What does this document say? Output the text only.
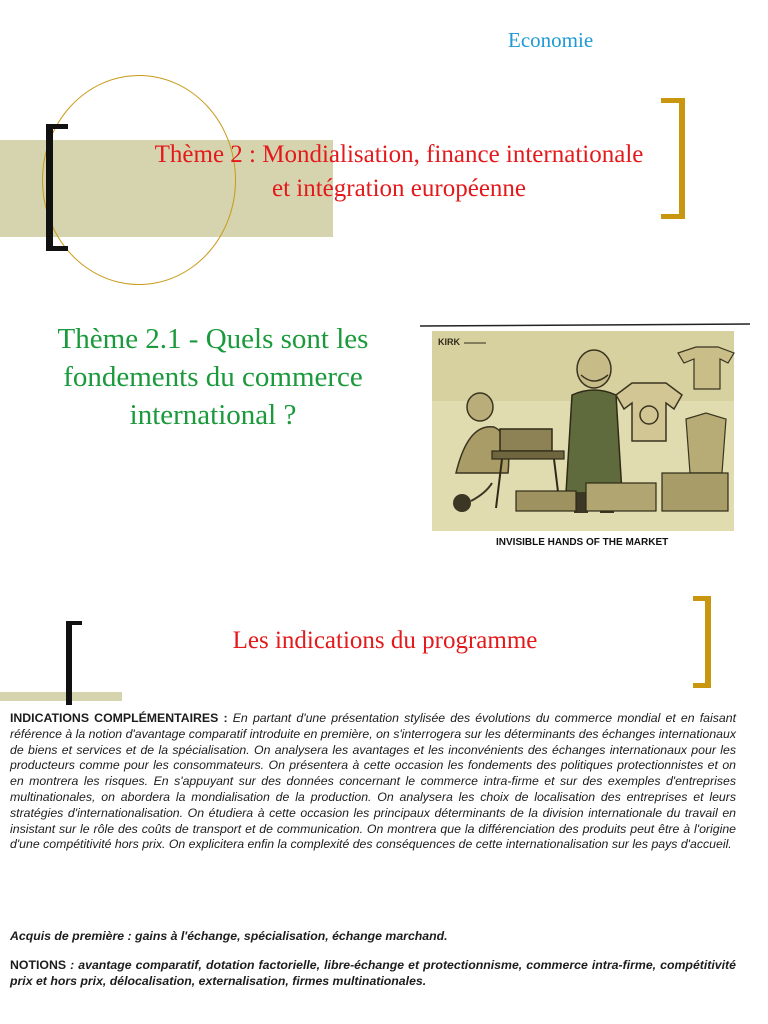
Economie
Thème 2 : Mondialisation, finance internationale
et intégration européenne
Thème 2.1 - Quels sont les
fondements du commerce
international ?
KIRK
INVISIBLE HANDS OF THE MARKET
Les indications du programme
INDICATIONS COMPLÉMENTAIRES : En partant d'une présentation stylisée des évolutions du commerce mondial et en faisant référence à la notion d'avantage comparatif introduite en première, on s'interrogera sur les déterminants des échanges internationaux de biens et services et de la spécialisation. On analysera les avantages et les inconvénients des échanges internationaux pour les producteurs comme pour les consommateurs. On présentera à cette occasion les fondements des politiques protectionnistes et on en montrera les risques. En s'appuyant sur des données concernant le commerce intra-firme et sur des exemples d'entreprises multinationales, on abordera la mondialisation de la production. On analysera les choix de localisation des entreprises et leurs stratégies d'internationalisation. On étudiera à cette occasion les principaux déterminants de la division internationale du travail en insistant sur le rôle des coûts de transport et de communication. On montrera que la différenciation des produits peut être à l'origine d'une compétitivité hors prix. On explicitera enfin la complexité des conséquences de cette internationalisation sur les pays d'accueil.
Acquis de première : gains à l'échange, spécialisation, échange marchand.
NOTIONS : avantage comparatif, dotation factorielle, libre-échange et protectionnisme, commerce intra-firme, compétitivité prix et hors prix, délocalisation, externalisation, firmes multinationales.
